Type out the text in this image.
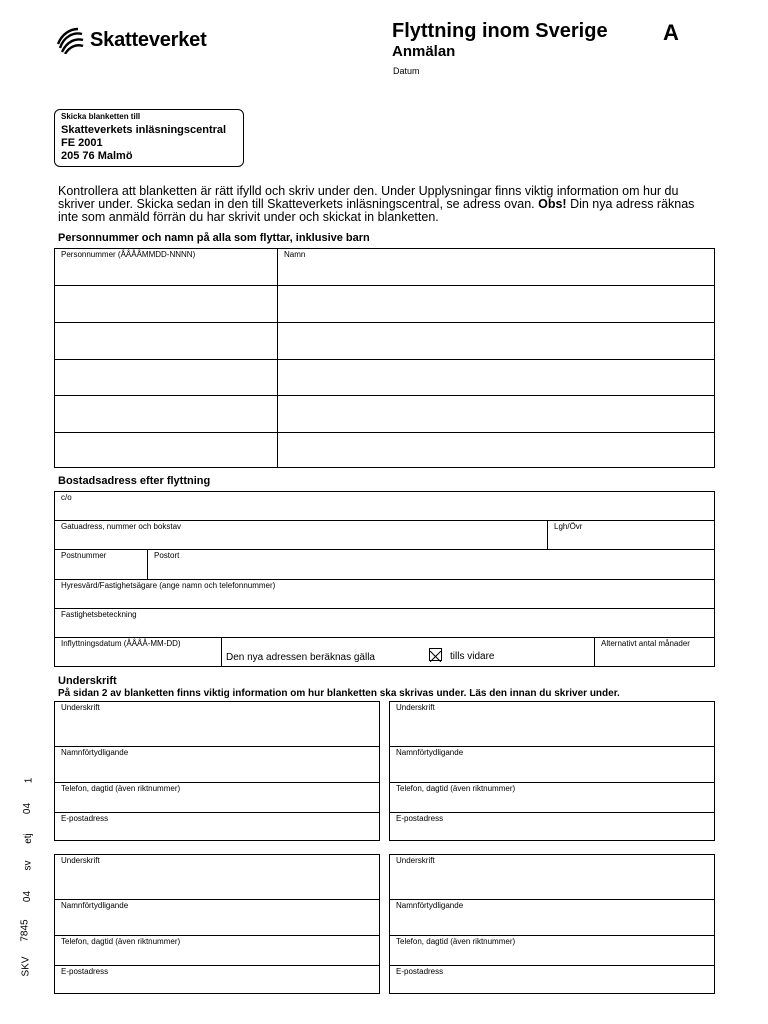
Skatteverket	Flyttning inom Sverige
Anmälan
A
Datum
Skicka blanketten till
Skatteverkets inläsningscentral
FE 2001
205 76 Malmö
Kontrollera att blanketten är rätt ifylld och skriv under den. Under Upplysningar finns viktig information om hur du skriver under. Skicka sedan in den till Skatteverkets inläsningscentral, se adress ovan. Obs! Din nya adress räknas inte som anmäld förrän du har skrivit under och skickat in blanketten.
Personnummer och namn på alla som flyttar, inklusive barn
Personnummer (ÅÅÅÅMMDD-NNNN)	Namn
Bostadsadress efter flyttning
c/o
Gatuadress, nummer och bokstav	Lgh/Övr
Postnummer	Postort
Hyresvärd/Fastighetsägare (ange namn och telefonnummer)
Fastighetsbeteckning
Inflyttningsdatum (ÅÅÅÅ-MM-DD)
Den nya adressen beräknas gälla	tills vidare
Alternativt antal månader
Underskrift
På sidan 2 av blanketten finns viktig information om hur blanketten ska skrivas under. Läs den innan du skriver under.
Underskrift
Namnförtydligande
Telefon, dagtid (även riktnummer)
E-postadress
Underskrift
Namnförtydligande
Telefon, dagtid (även riktnummer)
E-postadress
Underskrift
Namnförtydligande
Telefon, dagtid (även riktnummer)
E-postadress
Underskrift
Namnförtydligande
Telefon, dagtid (även riktnummer)
E-postadress
SKV
7845
04
sv
etj
04
1
